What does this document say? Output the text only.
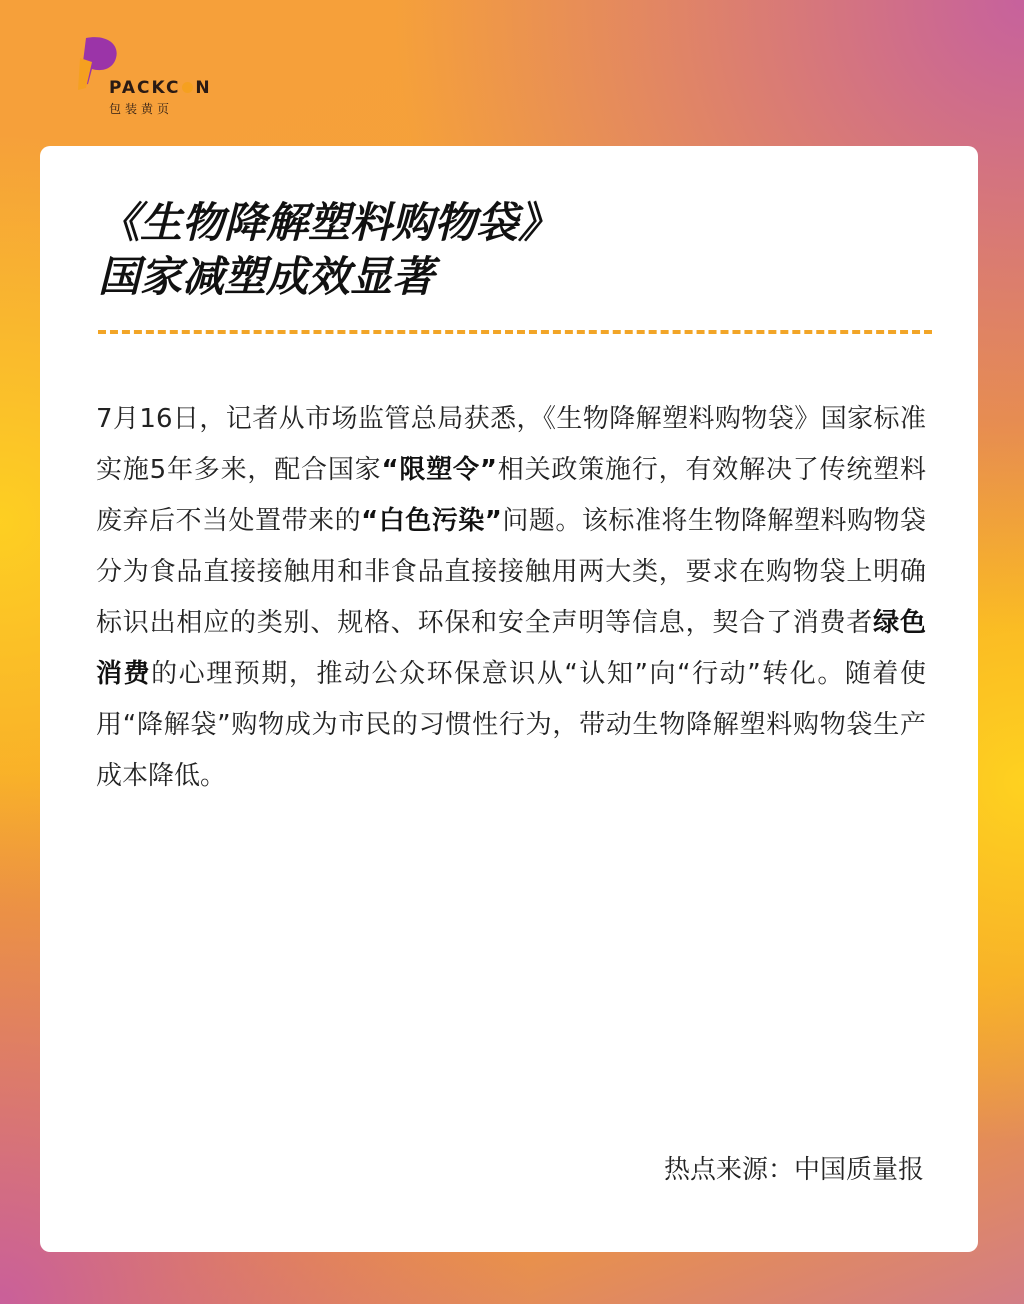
PACKC N
包装黄页
《生物降解塑料购物袋》
国家减塑成效显著

7月16日，记者从市场监管总局获悉，《生物降解塑料购物袋》国家标准实施5年多来，配合国家“限塑令”相关政策施行，有效解决了传统塑料废弃后不当处置带来的“白色污染”问题。该标准将生物降解塑料购物袋分为食品直接接触用和非食品直接接触用两大类，要求在购物袋上明确标识出相应的类别、规格、环保和安全声明等信息，契合了消费者绿色消费的心理预期，推动公众环保意识从“认知”向“行动”转化。随着使用“降解袋”购物成为市民的习惯性行为，带动生物降解塑料购物袋生产成本降低。

热点来源：中国质量报
